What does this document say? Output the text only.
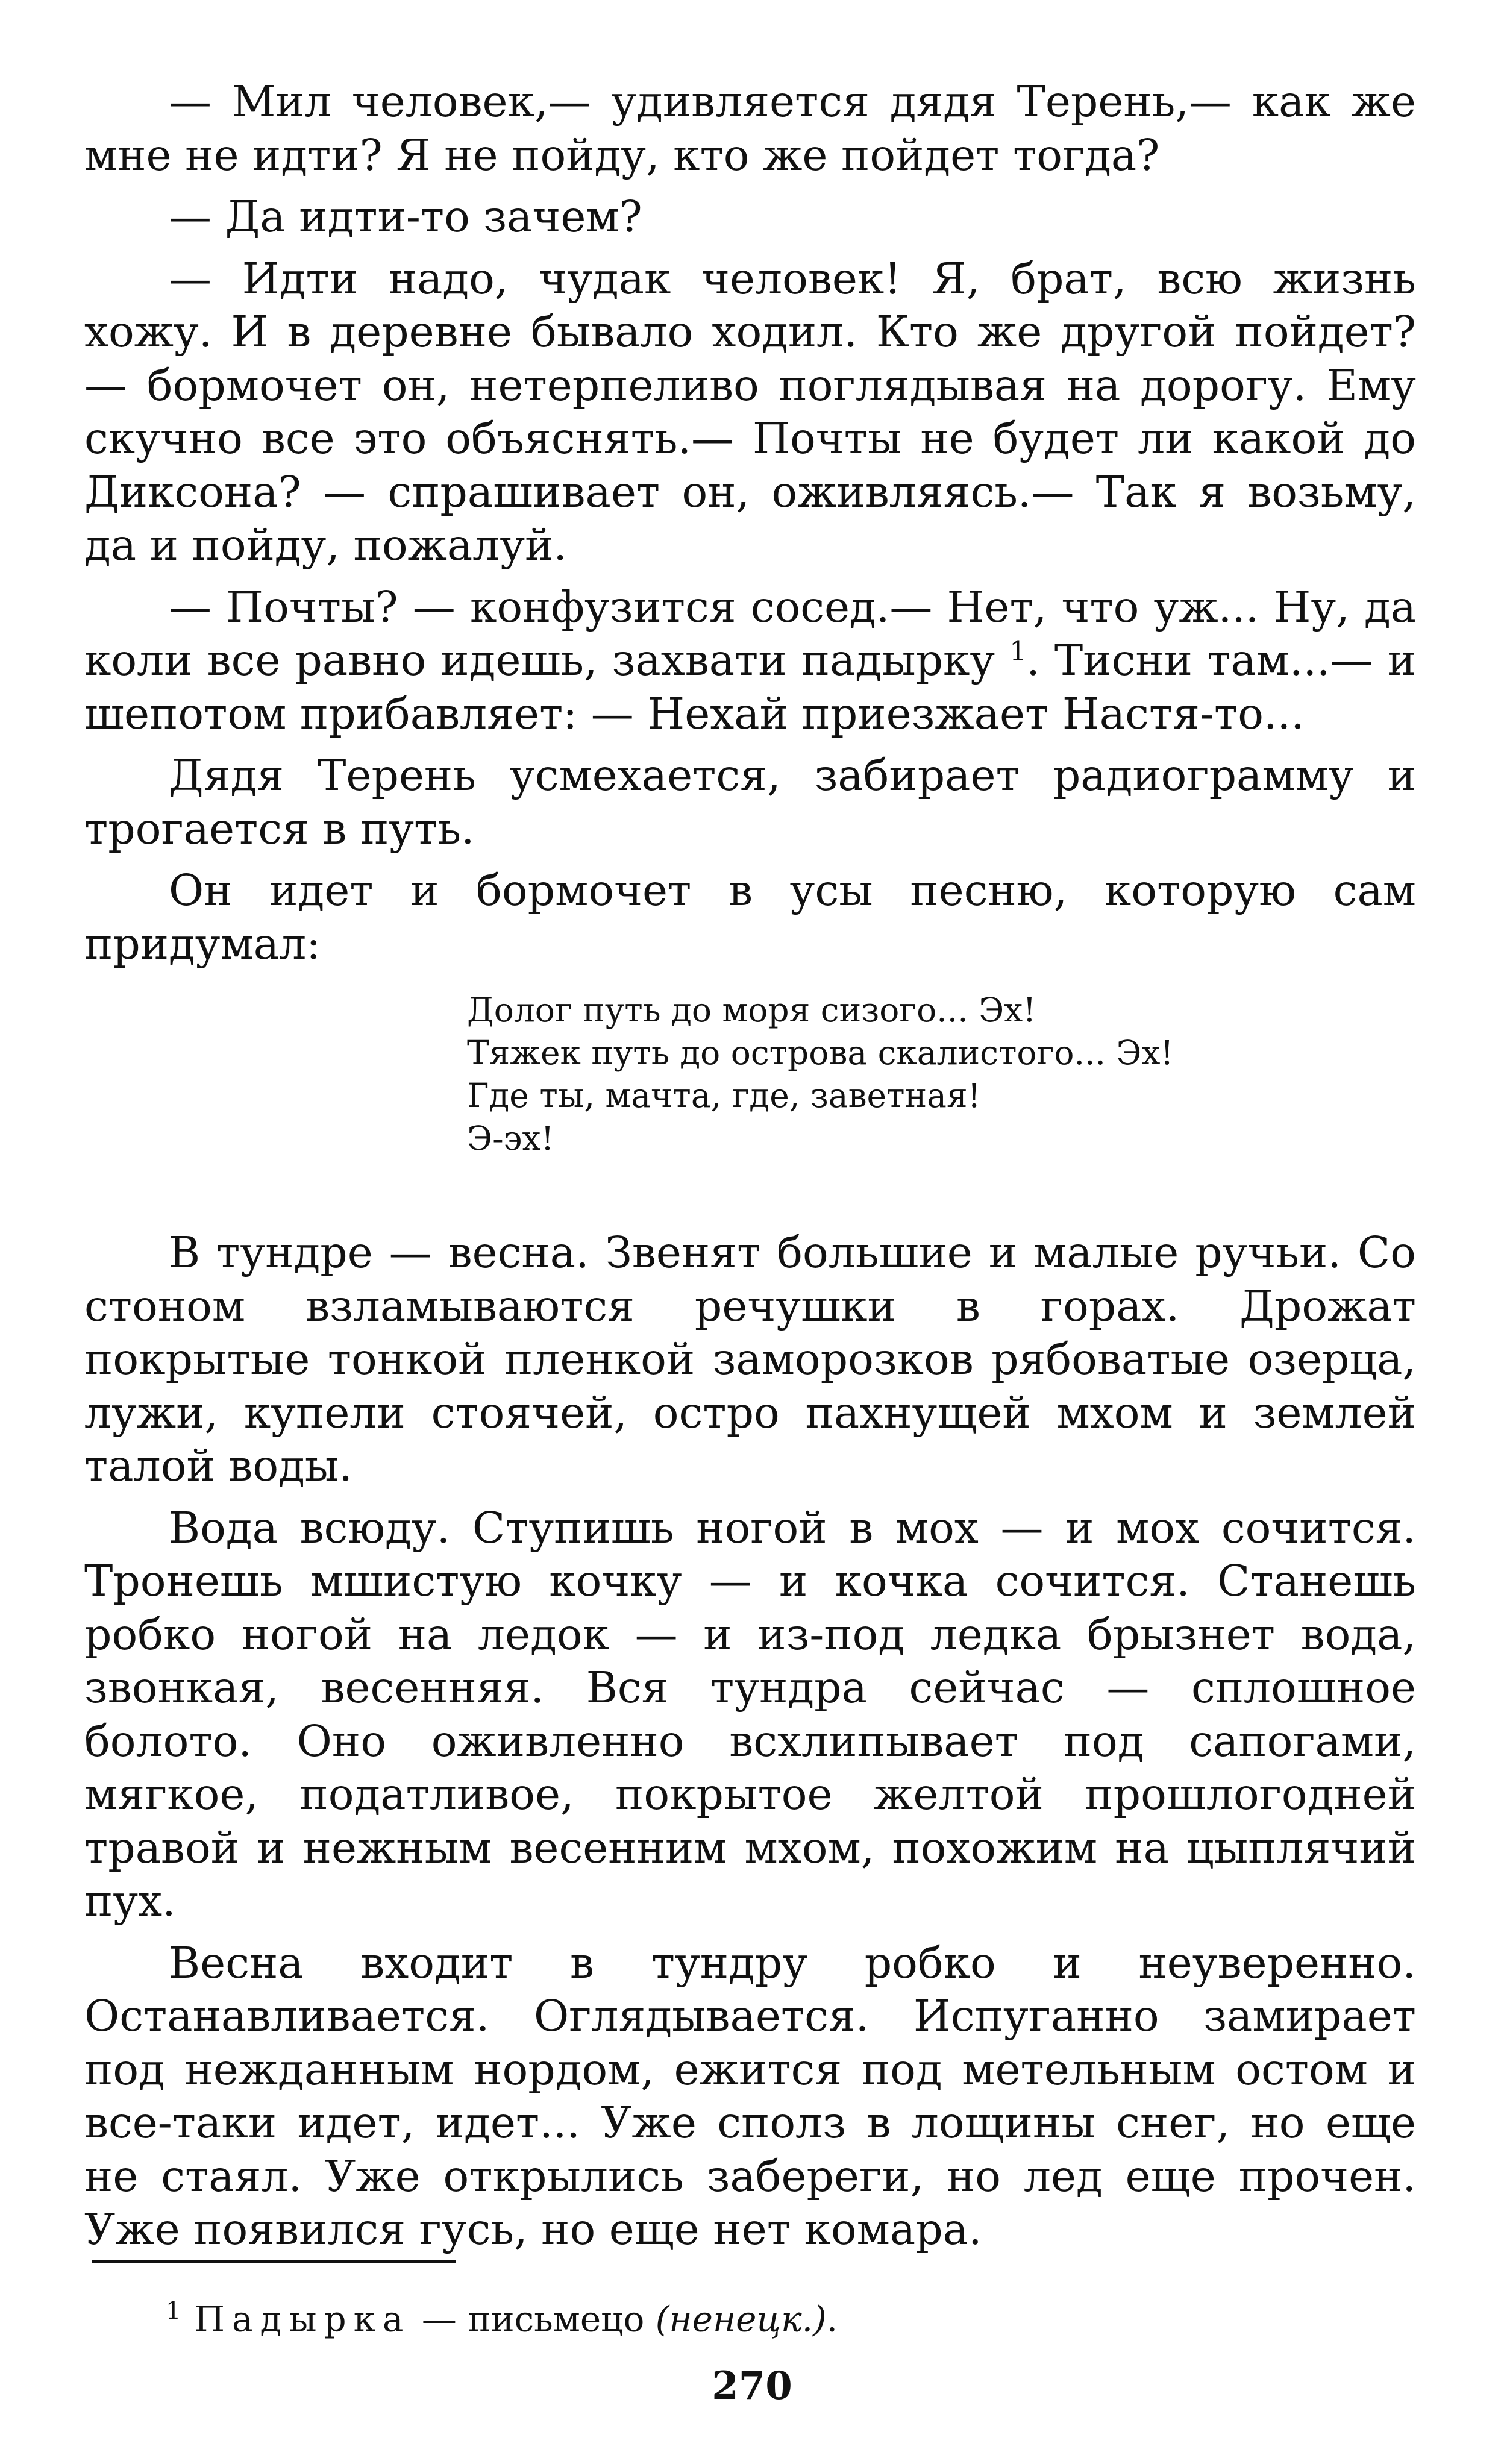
— Мил человек,— удивляется дядя Терень,— как же мне не идти? Я не пойду, кто же пойдет тогда?

— Да идти-то зачем?

— Идти надо, чудак человек! Я, брат, всю жизнь хожу. И в деревне бывало ходил. Кто же другой пойдет? — бормочет он, нетерпеливо поглядывая на дорогу. Ему скучно все это объяснять.— Почты не будет ли какой до Диксона? — спрашивает он, оживляясь.— Так я возьму, да и пойду, пожалуй.

— Почты? — конфузится сосед.— Нет, что уж... Ну, да коли все равно идешь, захвати падырку $^1$. Тисни там...— и шепотом прибавляет: — Нехай приезжает Настя-то...

Дядя Терень усмехается, забирает радиограмму и трогается в путь.

Он идет и бормочет в усы песню, которую сам придумал:

Долог путь до моря сизого... Эх!
Тяжек путь до острова скалистого... Эх!
Где ты, мачта, где, заветная!
Э-эх!

В тундре — весна. Звенят большие и малые ручьи. Со стоном взламываются речушки в горах. Дрожат покрытые тонкой пленкой заморозков рябоватые озерца, лужи, купели стоячей, остро пахнущей мхом и землей талой воды.

Вода всюду. Ступишь ногой в мох — и мох сочится. Тронешь мшистую кочку — и кочка сочится. Станешь робко ногой на ледок — и из-под ледка брызнет вода, звонкая, весенняя. Вся тундра сейчас — сплошное болото. Оно оживленно всхлипывает под сапогами, мягкое, податливое, покрытое желтой прошлогодней травой и нежным весенним мхом, похожим на цыплячий пух.

Весна входит в тундру робко и неуверенно. Останавливается. Оглядывается. Испуганно замирает под нежданным нордом, ежится под метельным остом и все-таки идет, идет... Уже сполз в лощины снег, но еще не стаял. Уже открылись забереги, но лед еще прочен. Уже появился гусь, но еще нет комара.

$^1$ Падырка — письмецо (ненецк.).
270
